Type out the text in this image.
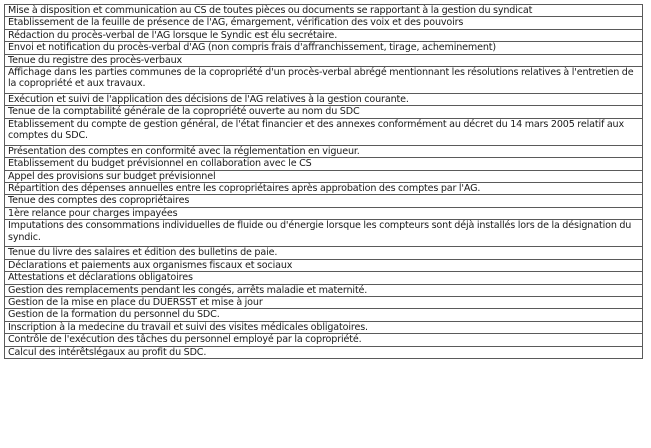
Mise à disposition et communication au CS de toutes pièces ou documents se rapportant à la gestion du syndicat
Etablissement de la feuille de présence de l'AG, émargement, vérification des voix et des pouvoirs
Rédaction du procès-verbal de l'AG lorsque le Syndic est élu secrétaire.
Envoi et notification du procès-verbal d'AG (non compris frais d'affranchissement, tirage, acheminement)
Tenue du registre des procès-verbaux
Affichage dans les parties communes de la copropriété d'un procès-verbal abrégé mentionnant les résolutions relatives à l'entretien de la copropriété et aux travaux.
Exécution et suivi de l'application des décisions de l'AG relatives à la gestion courante.
Tenue de la comptabilité générale de la copropriété ouverte au nom du SDC
Etablissement du compte de gestion général, de l'état financier et des annexes conformément au décret du 14 mars 2005 relatif aux comptes du SDC.
Présentation des comptes en conformité avec la réglementation en vigueur.
Etablissement du budget prévisionnel en collaboration avec le CS
Appel des provisions sur budget prévisionnel
Répartition des dépenses annuelles entre les copropriétaires après approbation des comptes par l'AG.
Tenue des comptes des copropriétaires
1ère relance pour charges impayées
Imputations des consommations individuelles de fluide ou d'énergie lorsque les compteurs sont déjà installés lors de la désignation du syndic.
Tenue du livre des salaires et édition des bulletins de paie.
Déclarations et paiements aux organismes fiscaux et sociaux
Attestations et déclarations obligatoires
Gestion des remplacements pendant les congés, arrêts maladie et maternité.
Gestion de la mise en place du DUERSST et mise à jour
Gestion de la formation du personnel du SDC.
Inscription à la medecine du travail et suivi des visites médicales obligatoires.
Contrôle de l'exécution des tâches du personnel employé par la copropriété.
Calcul des intérêtslégaux au profit du SDC.
